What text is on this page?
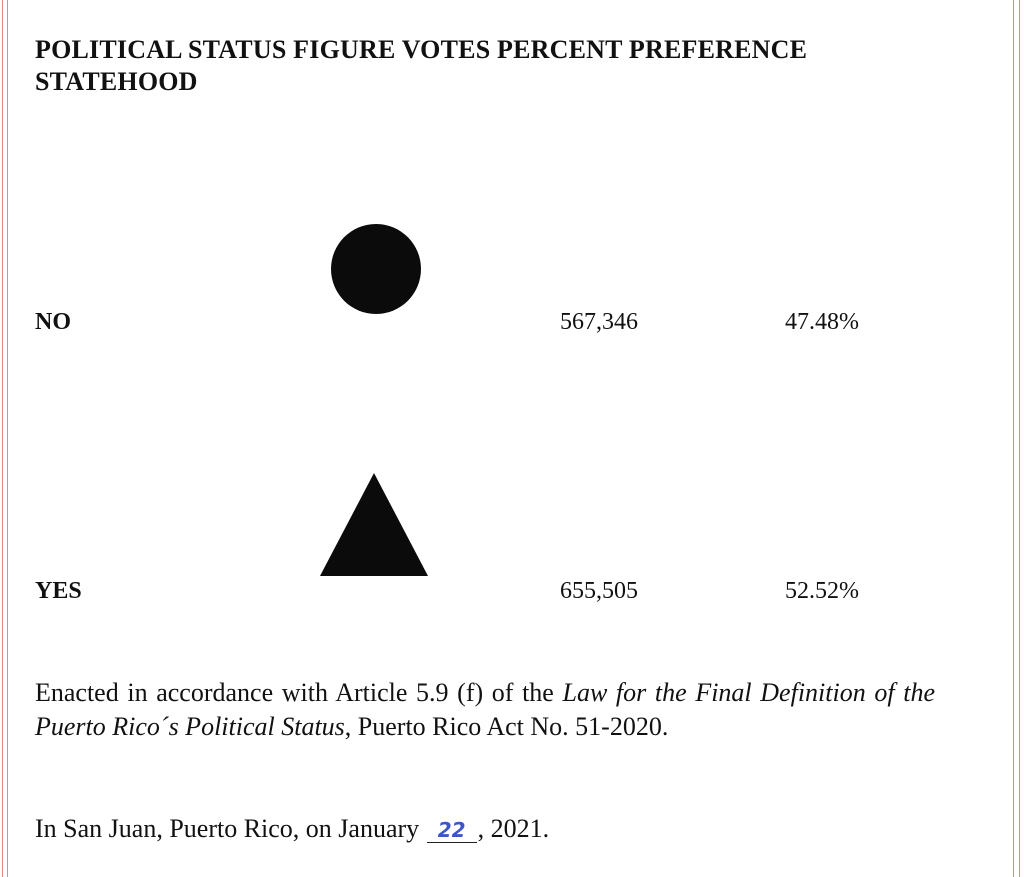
POLITICAL STATUS FIGURE VOTES PERCENT PREFERENCE
STATEHOOD
NO	567,346	47.48%
YES	655,505	52.52%
Enacted in accordance with Article 5.9 (f) of the Law for the Final Definition of the Puerto Rico´s Political Status, Puerto Rico Act No. 51-2020.
In San Juan, Puerto Rico, on January 22 , 2021.
